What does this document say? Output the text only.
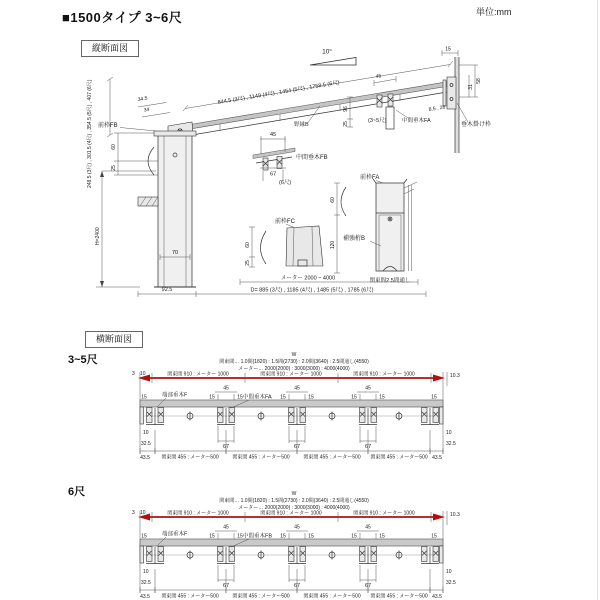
■1500タイプ 3~6尺	単位:mm
縦断面図	10°
844.5 (3尺) , 1149 (4尺) , 1454 (5尺) , 1758.5 (6尺)
34.5
34
前枠FB
248.5 (3尺) , 301.5 (4尺) , 354.5 (5尺) , 407 (6尺)	60
25
H=2400
70
野縁B
45
96
25	(3~5尺)	中間垂木FA
15
58
31
8.5 , 26
垂木掛け枠
45
中間垂木FB
67
(6尺)
60
25
前枠FC
前枠FA
60
120
補強桁B
関東間2.5間通し
92.5	D= 885 (3尺) , 1185 (4尺) , 1485 (5尺) , 1785 (6尺)
メーター 2000 ~ 4000
横断面図
3~5尺	W
関東間… 1.0間(1820) : 1.5間(2730) : 2.0間(3640) : 2.5間通し(4550)
メーター… 2000(2000) : 3000(3000) : 4000(4000)
関東間 910 : メーター 1000	関東間 910 : メーター 1000	関東間 910 : メーター 1000	10.3
3 10
10
32.5
10
32.5
15	15
45
15	15
67
45
15	15
67
45
15	15
67
関東間 455 : メーター500	関東間 455 : メーター500	関東間 455 : メーター500 関東間 455 : メーター500
43.5	43.5
端部垂木F	中間垂木FA
6尺	W
関東間… 1.0間(1820) : 1.5間(2730) : 2.0間(3640) : 2.5間通し(4550)
メーター… 2000(2000) : 3000(3000) : 4000(4000)
関東間 910 : メーター 1000	関東間 910 : メーター 1000	関東間 910 : メーター 1000	10.3
3 10
10
32.5
10
32.5
15	15
45
15	15
67
45
15	15
67
45
15	15
67
関東間 455 : メーター500	関東間 455 : メーター500	関東間 455 : メーター500 関東間 455 : メーター500
43.5	43.5
端部垂木F	中間垂木FB
